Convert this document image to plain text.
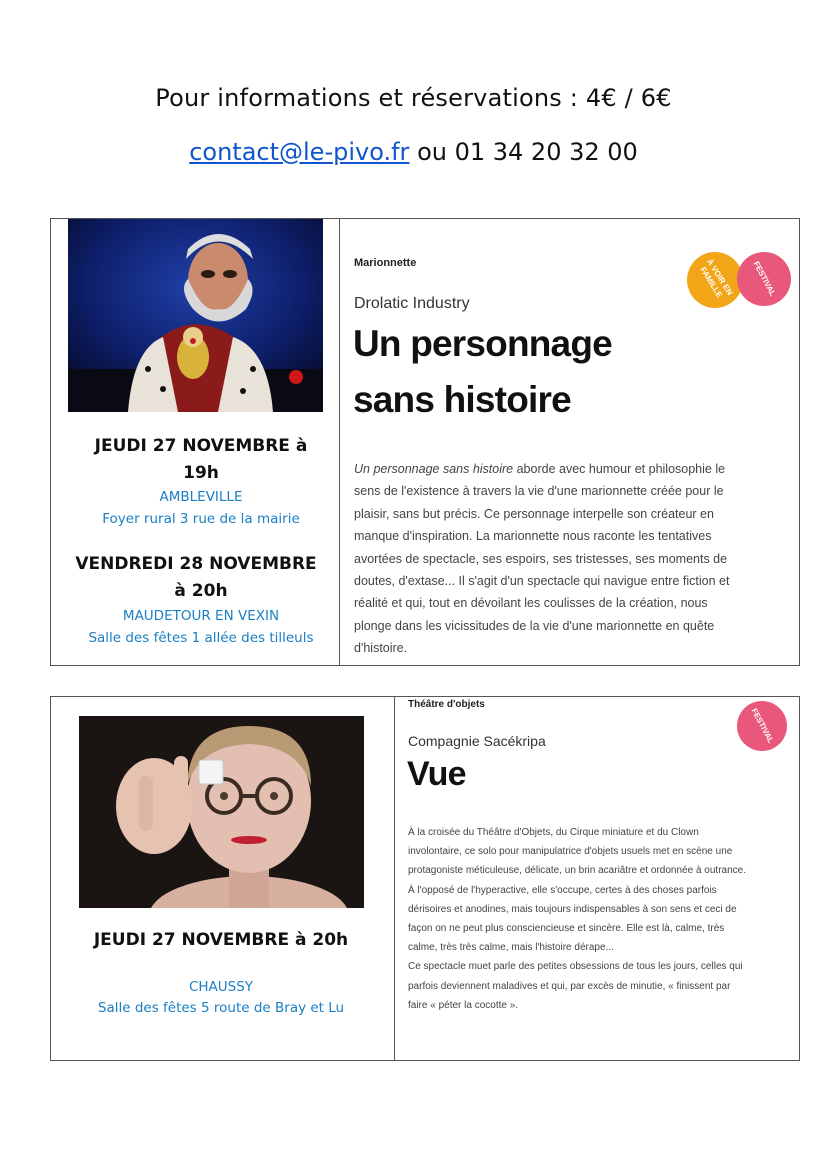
Pour informations et réservations : 4€ / 6€
contact@le-pivo.fr ou 01 34 20 32 00
JEUDI 27 NOVEMBRE à
19h
AMBLEVILLE
Foyer rural 3 rue de la mairie
VENDREDI 28 NOVEMBRE
à 20h
MAUDETOUR EN VEXIN
Salle des fêtes 1 allée des tilleuls
Marionnette
Drolatic Industry
Un personnage
sans histoire
À VOIR EN FAMILLE	FESTIVAL

Un personnage sans histoire aborde avec humour et philosophie le sens de l'existence à travers la vie d'une marionnette créée pour le plaisir, sans but précis. Ce personnage interpelle son créateur en manque d'inspiration. La marionnette nous raconte les tentatives avortées de spectacle, ses espoirs, ses tristesses, ses moments de doutes, d'extase... Il s'agit d'un spectacle qui navigue entre fiction et réalité et qui, tout en dévoilant les coulisses de la création, nous plonge dans les vicissitudes de la vie d'une marionnette en quête d'histoire.

JEUDI 27 NOVEMBRE à 20h
CHAUSSY
Salle des fêtes 5 route de Bray et Lu
Théâtre d'objets
Compagnie Sacékripa
Vue
FESTIVAL

À la croisée du Théâtre d'Objets, du Cirque miniature et du Clown involontaire, ce solo pour manipulatrice d'objets usuels met en scène une protagoniste méticuleuse, délicate, un brin acariâtre et ordonnée à outrance.

À l'opposé de l'hyperactive, elle s'occupe, certes à des choses parfois dérisoires et anodines, mais toujours indispensables à son sens et ceci de façon on ne peut plus consciencieuse et sincère. Elle est là, calme, très calme, très très calme, mais l'histoire dérape...

Ce spectacle muet parle des petites obsessions de tous les jours, celles qui parfois deviennent maladives et qui, par excès de minutie, « finissent par faire « péter la cocotte ».
